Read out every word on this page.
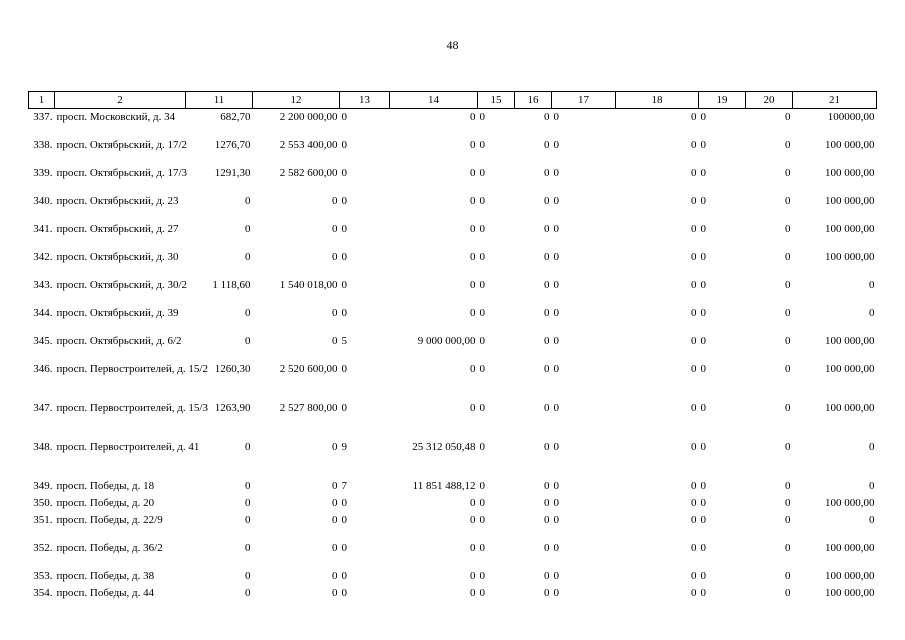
48
1	2	11	12	13	14	15	16	17	18	19	20	21
337.	просп. Московский, д. 34	682,70	2 200 000,00	0	0	0	0	0	0	0	0	100000,00
338.	просп. Октябрьский, д. 17/2	1276,70	2 553 400,00	0	0	0	0	0	0	0	0	100 000,00
339.	просп. Октябрьский, д. 17/3	1291,30	2 582 600,00	0	0	0	0	0	0	0	0	100 000,00
340.	просп. Октябрьский, д. 23	0	0	0	0	0	0	0	0	0	0	100 000,00
341.	просп. Октябрьский, д. 27	0	0	0	0	0	0	0	0	0	0	100 000,00
342.	просп. Октябрьский, д. 30	0	0	0	0	0	0	0	0	0	0	100 000,00
343.	просп. Октябрьский, д. 30/2	1 118,60	1 540 018,00	0	0	0	0	0	0	0	0	0
344.	просп. Октябрьский, д. 39	0	0	0	0	0	0	0	0	0	0	0
345.	просп. Октябрьский, д. 6/2	0	0	5	9 000 000,00	0	0	0	0	0	0	100 000,00
346.	просп. Первостроителей, д. 15/2	1260,30	2 520 600,00	0	0	0	0	0	0	0	0	100 000,00
347.	просп. Первостроителей, д. 15/3	1263,90	2 527 800,00	0	0	0	0	0	0	0	0	100 000,00
348.	просп. Первостроителей, д. 41	0	0	9	25 312 050,48	0	0	0	0	0	0	0
349.	просп. Победы, д. 18	0	0	7	11 851 488,12	0	0	0	0	0	0	0
350.	просп. Победы, д. 20	0	0	0	0	0	0	0	0	0	0	100 000,00
351.	просп. Победы, д. 22/9	0	0	0	0	0	0	0	0	0	0	0
352.	просп. Победы, д. 36/2	0	0	0	0	0	0	0	0	0	0	100 000,00
353.	просп. Победы, д. 38	0	0	0	0	0	0	0	0	0	0	100 000,00
354.	просп. Победы, д. 44	0	0	0	0	0	0	0	0	0	0	100 000,00
